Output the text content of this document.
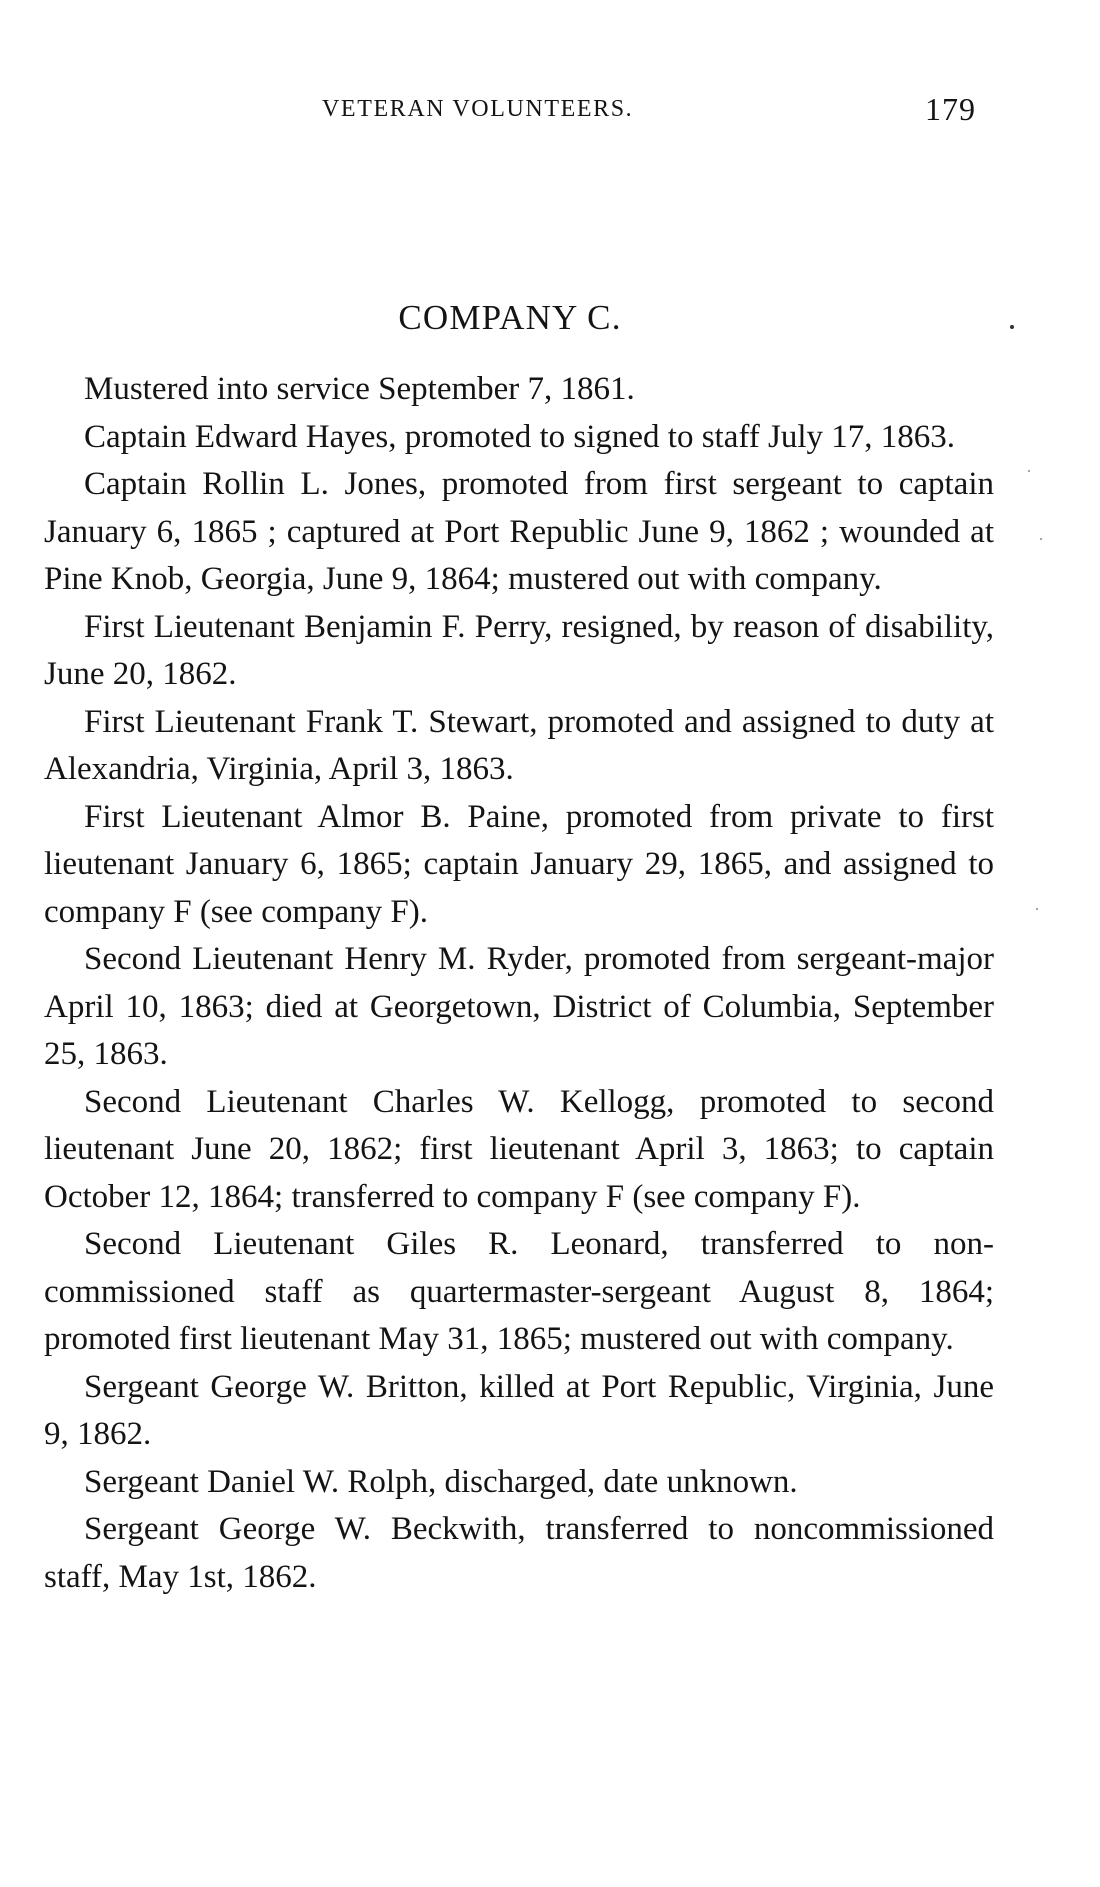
VETERAN VOLUNTEERS.	179
COMPANY C.

Mustered into service September 7, 1861.

Captain Edward Hayes, promoted to signed to staff July 17, 1863.

Captain Rollin L. Jones, promoted from first sergeant to captain January 6, 1865 ; captured at Port Republic June 9, 1862 ; wounded at Pine Knob, Georgia, June 9, 1864; mustered out with company.

First Lieutenant Benjamin F. Perry, resigned, by reason of disability, June 20, 1862.

First Lieutenant Frank T. Stewart, promoted and assigned to duty at Alexandria, Virginia, April 3, 1863.

First Lieutenant Almor B. Paine, promoted from private to first lieutenant January 6, 1865; captain January 29, 1865, and assigned to company F (see company F).

Second Lieutenant Henry M. Ryder, promoted from sergeant-major April 10, 1863; died at Georgetown, District of Columbia, September 25, 1863.

Second Lieutenant Charles W. Kellogg, promoted to second lieutenant June 20, 1862; first lieutenant April 3, 1863; to captain October 12, 1864; transferred to company F (see company F).

Second Lieutenant Giles R. Leonard, transferred to non-commissioned staff as quartermaster-sergeant August 8, 1864; promoted first lieutenant May 31, 1865; mustered out with company.

Sergeant George W. Britton, killed at Port Republic, Virginia, June 9, 1862.

Sergeant Daniel W. Rolph, discharged, date unknown.

Sergeant George W. Beckwith, transferred to noncommissioned staff, May 1st, 1862.
